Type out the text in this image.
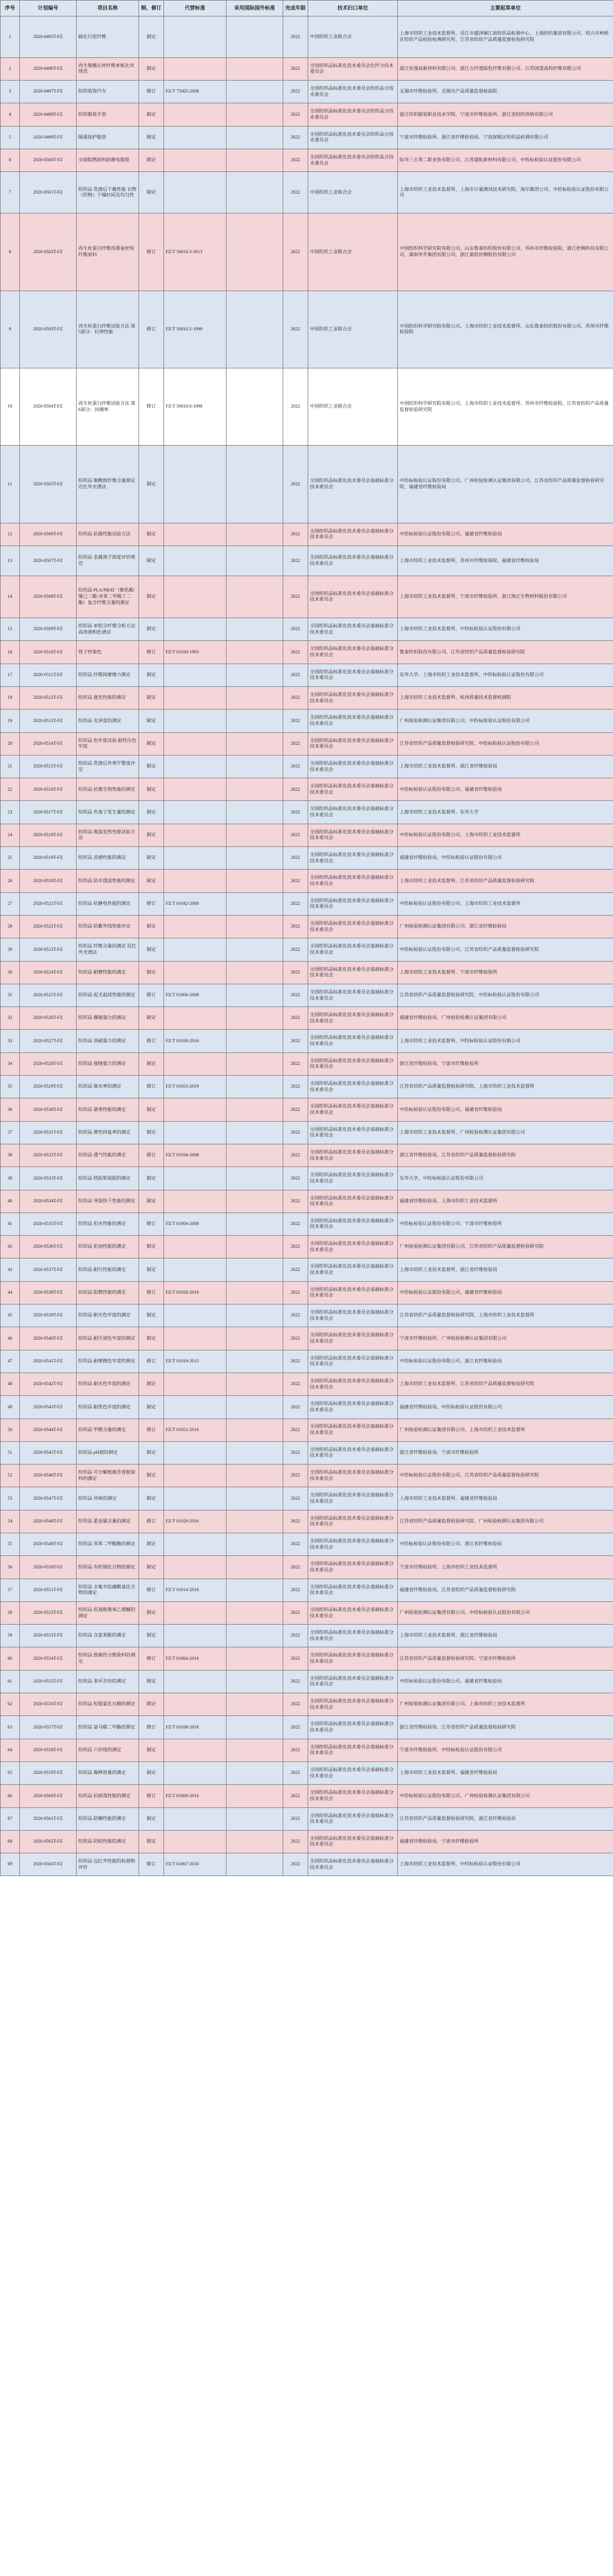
序号	计划编号	项目名称	制、修订	代替标准	采用国际国外标准	完成年限	技术归口单位	主要起草单位
1	2020-0495T-FZ	硫化污泥纤维	制定			2022	中国纺织工业联合会	上海市纺织工业技术监督所、吴江市盛泽镇江南纺织品检测中心、上海纺织集团有限公司、绍兴市柯桥区纺织产品检验检测研究所、江苏省纺织产品质量监督检验研究院
2	2020-0496T-FZ	再生聚酯长丝纤维单板比对规范	制定			2022	全国纺织品标准化技术委员会化纤分技术委员会	浙江恒逸高新材料有限公司、浙江古纤道绿色纤维有限公司、江苏国望高科纤维有限公司
3	2020-0497T-FZ	纺织装饰汽车	修订	FZ/T 75005-2008		2022	全国纺织品标准化技术委员会纺织品分技术委员会	无锡市纤维检验所、无锡市产品质量监督检验院
4	2020-0498T-FZ	纺织服装手套	制定			2022	全国纺织品标准化技术委员会纺织品分技术委员会	浙江纺织服装职业技术学院、宁波市纤维检验所、浙江省轻纺供销有限公司
5	2020-0499T-FZ	隔震保护服装	制定			2022	全国纺织品标准化技术委员会纺织品分技术委员会	宁波市纤维检验所、浙江省纤维检验局、宁波保税区纺织品检测有限公司
6	2020-0500T-FZ	全面阻燃面料防静电服装	制定			2022	全国纺织品标准化技术委员会纺织品分技术委员会	际华三五零二职业装有限公司、江苏盛虹新材料有限公司、中纺标检验认证股份有限公司
7	2020-0501T-FZ	纺织品 洗涤后干燥性能 衣物（织物）干燥时间及均匀性	制定			2022	中国纺织工业联合会	上海市纺织工业技术监督所、上海市计量测试技术研究院、海尔集团公司、中纺标检验认证股份有限公司
8	2020-0502T-FZ	再生丝蛋白纤维用桑蚕丝短纤维原料	修订	FZ/T 50010.3-2013		2022	中国纺织工业联合会	中国纺织科学研究院有限公司、山东鲁泰纺织股份有限公司、苏州市纤维检验院、浙江丝绸科技有限公司、湖南华升集团有限公司、浙江嘉欣丝绸股份有限公司
9	2020-0503T-FZ	再生丝蛋白纤维试验方法 第5部分：拉伸性能	修订	FZ/T 50010.5-1998		2022	中国纺织工业联合会	中国纺织科学研究院有限公司、上海市纺织工业技术监督所、山东鲁泰纺织股份有限公司、苏州市纤维检验院
10	2020-0504T-FZ	再生丝蛋白纤维试验方法 第6部分：回潮率	修订	FZ/T 50010.6-1998		2022	中国纺织工业联合会	中国纺织科学研究院有限公司、上海市纺织工业技术监督所、苏州市纤维检验院、江苏省纺织产品质量监督检验研究院
11	2020-0505T-FZ	纺织品 聚酰胺纤维含量测定 近红外光谱法	制定			2022	全国纺织品标准化技术委员会基础标准分技术委员会	中纺标检验认证股份有限公司、广州检验检测认证集团有限公司、江苏省纺织产品质量监督检验研究院、福建省纤维检验局
12	2020-0506T-FZ	纺织品 抗菌性能试验方法	制定			2022	全国纺织品标准化技术委员会基础标准分技术委员会	中纺标检验认证股份有限公司、福建省纤维检验局
13	2020-0507T-FZ	纺织品 金属离子浓度评价规范	制定			2022	全国纺织品标准化技术委员会基础标准分技术委员会	上海市纺织工业技术监督所、苏州市纤维检验院、福建省纤维检验局
14	2020-0508T-FZ	纺织品 PLA/PBAT（聚乳酸/聚己二酸-对苯二甲酸丁二酯）复合纤维含量的测定	制定			2022	全国纺织品标准化技术委员会基础标准分技术委员会	上海市纺织工业技术监督所、宁波市纤维检验所、浙江海正生物材料股份有限公司
15	2020-0509T-FZ	纺织品 单组分纤维分析方法 高效液相色谱法	制定			2022	全国纺织品标准化技术委员会基础标准分技术委员会	上海市纺织工业技术监督所、中纺标检验认证股份有限公司
16	2020-0510T-FZ	筒子纱染色	修订	FZ/T 01030-1993		2022	全国纺织品标准化技术委员会基础标准分技术委员会	鲁泰纺织股份有限公司、江苏省纺织产品质量监督检验研究院
17	2020-0511T-FZ	纺织品 纤维间摩擦力测定	制定			2022	全国纺织品标准化技术委员会基础标准分技术委员会	东华大学、上海市纺织工业技术监督所、中纺标检验认证股份有限公司
18	2020-0512T-FZ	纺织品 遮光性能的测定	制定			2022	全国纺织品标准化技术委员会基础标准分技术委员会	上海市纺织工业技术监督所、杭州质量技术监督检测院
19	2020-0513T-FZ	纺织品 光泽度的测定	制定			2022	全国纺织品标准化技术委员会基础标准分技术委员会	广州检验检测认证集团有限公司、中纺标检验认证股份有限公司
20	2020-0514T-FZ	纺织品 色牢度试验 耐热压色牢度	制定			2022	全国纺织品标准化技术委员会基础标准分技术委员会	江苏省纺织产品质量监督检验研究院、中纺标检验认证股份有限公司
21	2020-0515T-FZ	纺织品 洗涤后外观平整度评定	制定			2022	全国纺织品标准化技术委员会基础标准分技术委员会	上海市纺织工业技术监督所、浙江省纤维检验局
22	2020-0516T-FZ	纺织品 抗微生物性能的测定	制定			2022	全国纺织品标准化技术委员会基础标准分技术委员会	中纺标检验认证股份有限公司、福建省纤维检验局
23	2020-0517T-FZ	纺织品 负离子发生量的测定	制定			2022	全国纺织品标准化技术委员会基础标准分技术委员会	上海市纺织工业技术监督所、东华大学
24	2020-0518T-FZ	纺织品 吸湿发热性能试验方法	制定			2022	全国纺织品标准化技术委员会基础标准分技术委员会	中纺标检验认证股份有限公司、上海市纺织工业技术监督所
25	2020-0519T-FZ	纺织品 凉感性能的测定	制定			2022	全国纺织品标准化技术委员会基础标准分技术委员会	福建省纤维检验局、中纺标检验认证股份有限公司
26	2020-0520T-FZ	纺织品 防水透湿性能的测定	制定			2022	全国纺织品标准化技术委员会基础标准分技术委员会	上海市纺织工业技术监督所、江苏省纺织产品质量监督检验研究院
27	2020-0521T-FZ	纺织品 抗静电性能的测定	修订	FZ/T 01042-2008		2022	全国纺织品标准化技术委员会基础标准分技术委员会	中纺标检验认证股份有限公司、上海市纺织工业技术监督所
28	2020-0522T-FZ	纺织品 防紫外线性能评定	制定			2022	全国纺织品标准化技术委员会基础标准分技术委员会	广州检验检测认证集团有限公司、浙江省纤维检验局
29	2020-0523T-FZ	纺织品 纤维含量的测定 近红外光谱法	制定			2022	全国纺织品标准化技术委员会基础标准分技术委员会	中纺标检验认证股份有限公司、江苏省纺织产品质量监督检验研究院
30	2020-0524T-FZ	纺织品 耐磨性能的测定	制定			2022	全国纺织品标准化技术委员会基础标准分技术委员会	上海市纺织工业技术监督所、宁波市纤维检验所
31	2020-0525T-FZ	纺织品 起毛起球性能的测定	修订	FZ/T 01006-2008		2022	全国纺织品标准化技术委员会基础标准分技术委员会	江苏省纺织产品质量监督检验研究院、中纺标检验认证股份有限公司
32	2020-0526T-FZ	纺织品 撕破强力的测定	制定			2022	全国纺织品标准化技术委员会基础标准分技术委员会	福建省纤维检验局、广州检验检测认证集团有限公司
33	2020-0527T-FZ	纺织品 顶破强力的测定	修订	FZ/T 01030-2016		2022	全国纺织品标准化技术委员会基础标准分技术委员会	上海市纺织工业技术监督所、中纺标检验认证股份有限公司
34	2020-0528T-FZ	纺织品 接缝强力的测定	制定			2022	全国纺织品标准化技术委员会基础标准分技术委员会	浙江省纤维检验局、宁波市纤维检验所
35	2020-0529T-FZ	纺织品 缩水率的测定	修订	FZ/T 01053-2019		2022	全国纺织品标准化技术委员会基础标准分技术委员会	江苏省纺织产品质量监督检验研究院、上海市纺织工业技术监督所
36	2020-0530T-FZ	纺织品 悬垂性能的测定	制定			2022	全国纺织品标准化技术委员会基础标准分技术委员会	中纺标检验认证股份有限公司、福建省纤维检验局
37	2020-0531T-FZ	纺织品 弹性回复率的测定	制定			2022	全国纺织品标准化技术委员会基础标准分技术委员会	上海市纺织工业技术监督所、广州检验检测认证集团有限公司
38	2020-0532T-FZ	纺织品 透气性能的测定	修订	FZ/T 01034-2008		2022	全国纺织品标准化技术委员会基础标准分技术委员会	浙江省纤维检验局、江苏省纺织产品质量监督检验研究院
39	2020-0533T-FZ	纺织品 热阻和湿阻的测定	制定			2022	全国纺织品标准化技术委员会基础标准分技术委员会	东华大学、中纺标检验认证股份有限公司
40	2020-0534T-FZ	纺织品 导湿快干性能的测定	制定			2022	全国纺织品标准化技术委员会基础标准分技术委员会	福建省纤维检验局、上海市纺织工业技术监督所
41	2020-0535T-FZ	纺织品 拒水性能的测定	修订	FZ/T 01004-2008		2022	全国纺织品标准化技术委员会基础标准分技术委员会	中纺标检验认证股份有限公司、宁波市纤维检验所
42	2020-0536T-FZ	纺织品 拒油性能的测定	制定			2022	全国纺织品标准化技术委员会基础标准分技术委员会	广州检验检测认证集团有限公司、江苏省纺织产品质量监督检验研究院
43	2020-0537T-FZ	纺织品 耐污性能的测定	制定			2022	全国纺织品标准化技术委员会基础标准分技术委员会	上海市纺织工业技术监督所、浙江省纤维检验局
44	2020-0538T-FZ	纺织品 阻燃性能的测定	修订	FZ/T 01028-2016		2022	全国纺织品标准化技术委员会基础标准分技术委员会	中纺标检验认证股份有限公司、福建省纤维检验局
45	2020-0539T-FZ	纺织品 耐光色牢度的测定	制定			2022	全国纺织品标准化技术委员会基础标准分技术委员会	江苏省纺织产品质量监督检验研究院、上海市纺织工业技术监督所
46	2020-0540T-FZ	纺织品 耐汗渍色牢度的测定	制定			2022	全国纺织品标准化技术委员会基础标准分技术委员会	宁波市纤维检验所、广州检验检测认证集团有限公司
47	2020-0541T-FZ	纺织品 耐摩擦色牢度的测定	修订	FZ/T 01019-2015		2022	全国纺织品标准化技术委员会基础标准分技术委员会	中纺标检验认证股份有限公司、浙江省纤维检验局
48	2020-0542T-FZ	纺织品 耐水色牢度的测定	制定			2022	全国纺织品标准化技术委员会基础标准分技术委员会	上海市纺织工业技术监督所、江苏省纺织产品质量监督检验研究院
49	2020-0543T-FZ	纺织品 耐洗色牢度的测定	制定			2022	全国纺织品标准化技术委员会基础标准分技术委员会	福建省纤维检验局、中纺标检验认证股份有限公司
50	2020-0544T-FZ	纺织品 甲醛含量的测定	修订	FZ/T 01051-2016		2022	全国纺织品标准化技术委员会基础标准分技术委员会	广州检验检测认证集团有限公司、上海市纺织工业技术监督所
51	2020-0545T-FZ	纺织品 pH值的测定	制定			2022	全国纺织品标准化技术委员会基础标准分技术委员会	浙江省纤维检验局、宁波市纤维检验所
52	2020-0546T-FZ	纺织品 可分解致癌芳香胺染料的测定	制定			2022	全国纺织品标准化技术委员会基础标准分技术委员会	中纺标检验认证股份有限公司、江苏省纺织产品质量监督检验研究院
53	2020-0547T-FZ	纺织品 异味的测定	制定			2022	全国纺织品标准化技术委员会基础标准分技术委员会	上海市纺织工业技术监督所、福建省纤维检验局
54	2020-0548T-FZ	纺织品 重金属含量的测定	修订	FZ/T 01029-2016		2022	全国纺织品标准化技术委员会基础标准分技术委员会	江苏省纺织产品质量监督检验研究院、广州检验检测认证集团有限公司
55	2020-0549T-FZ	纺织品 邻苯二甲酸酯的测定	制定			2022	全国纺织品标准化技术委员会基础标准分技术委员会	中纺标检验认证股份有限公司、浙江省纤维检验局
56	2020-0550T-FZ	纺织品 有机锡化合物的测定	制定			2022	全国纺织品标准化技术委员会基础标准分技术委员会	宁波市纤维检验所、上海市纺织工业技术监督所
57	2020-0551T-FZ	纺织品 全氟辛烷磺酰基化合物的测定	修订	FZ/T 01014-2016		2022	全国纺织品标准化技术委员会基础标准分技术委员会	福建省纤维检验局、江苏省纺织产品质量监督检验研究院
58	2020-0552T-FZ	纺织品 烷基酚聚氧乙烯醚的测定	制定			2022	全国纺织品标准化技术委员会基础标准分技术委员会	广州检验检测认证集团有限公司、中纺标检验认证股份有限公司
59	2020-0553T-FZ	纺织品 含氯苯酚的测定	制定			2022	全国纺织品标准化技术委员会基础标准分技术委员会	上海市纺织工业技术监督所、浙江省纤维检验局
60	2020-0554T-FZ	纺织品 致敏性分散染料的测定	修订	FZ/T 01064-2016		2022	全国纺织品标准化技术委员会基础标准分技术委员会	江苏省纺织产品质量监督检验研究院、宁波市纤维检验所
61	2020-0555T-FZ	纺织品 多环芳烃的测定	制定			2022	全国纺织品标准化技术委员会基础标准分技术委员会	中纺标检验认证股份有限公司、福建省纤维检验局
62	2020-0556T-FZ	纺织品 短链氯化石蜡的测定	制定			2022	全国纺织品标准化技术委员会基础标准分技术委员会	广州检验检测认证集团有限公司、上海市纺织工业技术监督所
63	2020-0557T-FZ	纺织品 富马酸二甲酯的测定	修订	FZ/T 01038-2016		2022	全国纺织品标准化技术委员会基础标准分技术委员会	浙江省纤维检验局、江苏省纺织产品质量监督检验研究院
64	2020-0558T-FZ	纺织品 六价铬的测定	制定			2022	全国纺织品标准化技术委员会基础标准分技术委员会	宁波市纤维检验所、中纺标检验认证股份有限公司
65	2020-0559T-FZ	纺织品 镍释放量的测定	制定			2022	全国纺织品标准化技术委员会基础标准分技术委员会	上海市纺织工业技术监督所、福建省纤维检验局
66	2020-0560T-FZ	纺织品 抗病毒性能的测定	修订	FZ/T 01060-2016		2022	全国纺织品标准化技术委员会基础标准分技术委员会	中纺标检验认证股份有限公司、广州检验检测认证集团有限公司
67	2020-0561T-FZ	纺织品 防螨性能的测定	制定			2022	全国纺织品标准化技术委员会基础标准分技术委员会	江苏省纺织产品质量监督检验研究院、浙江省纤维检验局
68	2020-0562T-FZ	纺织品 防蚊性能的测定	制定			2022	全国纺织品标准化技术委员会基础标准分技术委员会	福建省纤维检验局、宁波市纤维检验所
69	2020-0563T-FZ	纺织品 远红外性能的检测和评价	修订	FZ/T 01067-2016		2022	全国纺织品标准化技术委员会基础标准分技术委员会	上海市纺织工业技术监督所、中纺标检验认证股份有限公司
